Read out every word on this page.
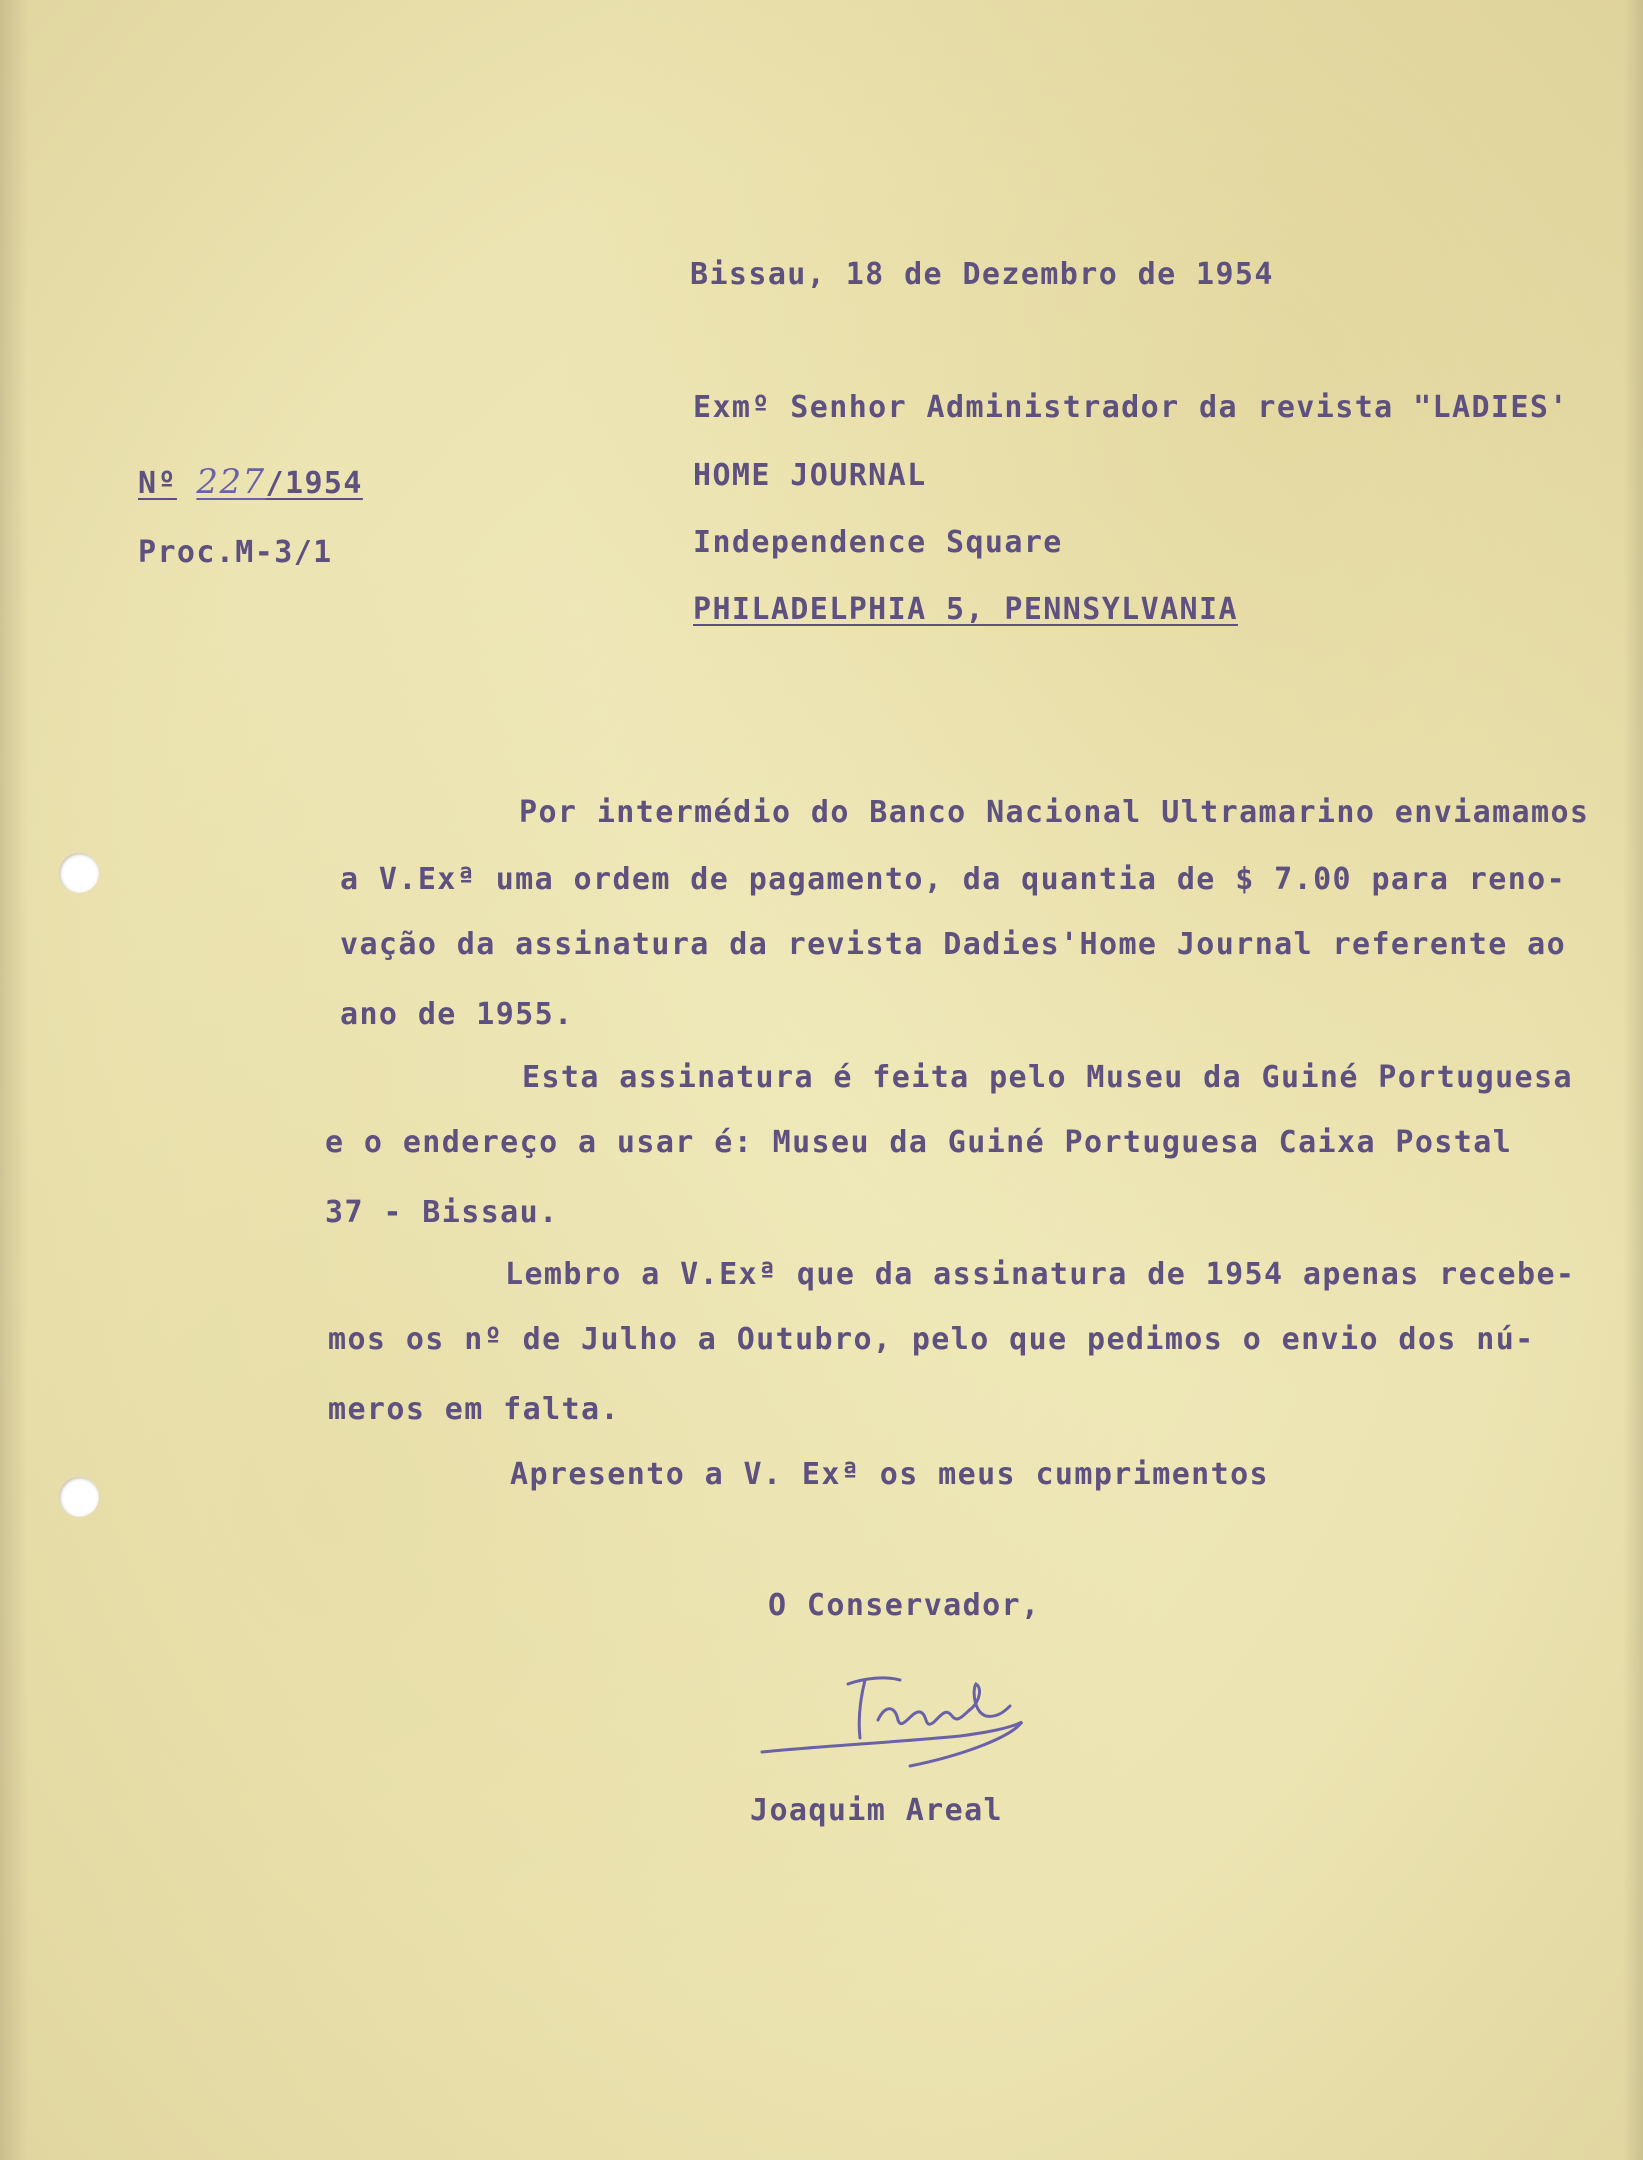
Bissau, 18 de Dezembro de 1954
Exmº Senhor Administrador da revista "LADIES'
HOME JOURNAL
Independence Square
PHILADELPHIA 5, PENNSYLVANIA
Nº 227/1954
Proc.M-3/1
Por intermédio do Banco Nacional Ultramarino enviamamos
a V.Exª uma ordem de pagamento, da quantia de $ 7.00 para reno-
vação da assinatura da revista Dadies'Home Journal referente ao
ano de 1955.
Esta assinatura é feita pelo Museu da Guiné Portuguesa
e o endereço a usar é: Museu da Guiné Portuguesa Caixa Postal
37 - Bissau.
Lembro a V.Exª que da assinatura de 1954 apenas recebe-
mos os nº de Julho a Outubro, pelo que pedimos o envio dos nú-
meros em falta.
Apresento a V. Exª os meus cumprimentos
O Conservador,
Joaquim Areal
